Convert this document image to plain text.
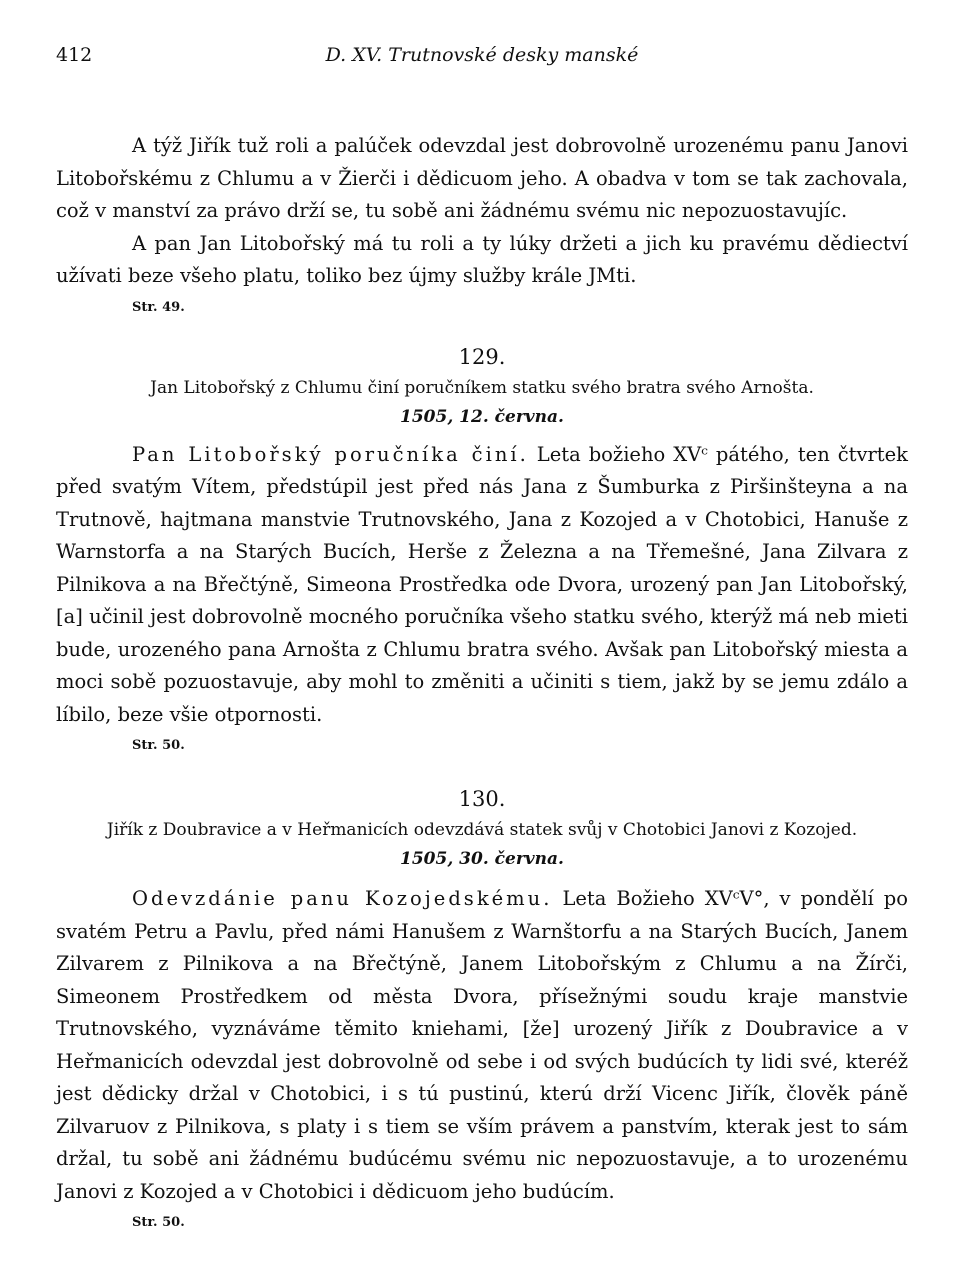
412	D. XV. Trutnovské desky manské

A týž Jiřík tuž roli a palúček odevzdal jest dobrovolně urozenému panu Janovi Litobořskému z Chlumu a v Žierči i dědicuom jeho. A obadva v tom se tak zachovala, což v manství za právo drží se, tu sobě ani žádnému svému nic nepozuostavujíc.

A pan Jan Litobořský má tu roli a ty lúky držeti a jich ku pravému dědiectví užívati beze všeho platu, toliko bez újmy služby krále JMti.

Str. 49.
129.
Jan Litobořský z Chlumu činí poručníkem statku svého bratra svého Arnošta.
1505, 12. června.

Pan Litobořský poručníka činí. Leta božieho XVᶜ pátého, ten čtvrtek před svatým Vítem, předstúpil jest před nás Jana z Šumburka z Piršinšteyna a na Trutnově, hajtmana manstvie Trutnovského, Jana z Kozojed a v Chotobici, Hanuše z Warnstorfa a na Starých Bucích, Herše z Železna a na Třemešné, Jana Zilvara z Pilnikova a na Břečtýně, Simeona Prostředka ode Dvora, urozený pan Jan Litobořský, [a] učinil jest dobrovolně mocného poručníka všeho statku svého, kterýž má neb mieti bude, urozeného pana Arnošta z Chlumu bratra svého. Avšak pan Litobořský miesta a moci sobě pozuostavuje, aby mohl to změniti a učiniti s tiem, jakž by se jemu zdálo a líbilo, beze všie otpornosti.

Str. 50.
130.
Jiřík z Doubravice a v Heřmanicích odevzdává statek svůj v Chotobici Janovi z Kozojed.
1505, 30. června.

Odevzdánie panu Kozojedskému. Leta Božieho XVᶜV°, v pondělí po svatém Petru a Pavlu, před námi Hanušem z Warnštorfu a na Starých Bucích, Janem Zilvarem z Pilnikova a na Břečtýně, Janem Litobořským z Chlumu a na Žírči, Simeonem Prostředkem od města Dvora, přísežnými soudu kraje manstvie Trutnovského, vyznáváme těmito kniehami, [že] urozený Jiřík z Doubravice a v Heřmanicích odevzdal jest dobrovolně od sebe i od svých budúcích ty lidi své, kteréž jest dědicky držal v Chotobici, i s tú pustinú, kterú drží Vicenc Jiřík, člověk páně Zilvaruov z Pilnikova, s platy i s tiem se vším právem a panstvím, kterak jest to sám držal, tu sobě ani žádnému budúcému svému nic nepozuostavuje, a to urozenému Janovi z Kozojed a v Chotobici i dědicuom jeho budúcím.

Str. 50.
